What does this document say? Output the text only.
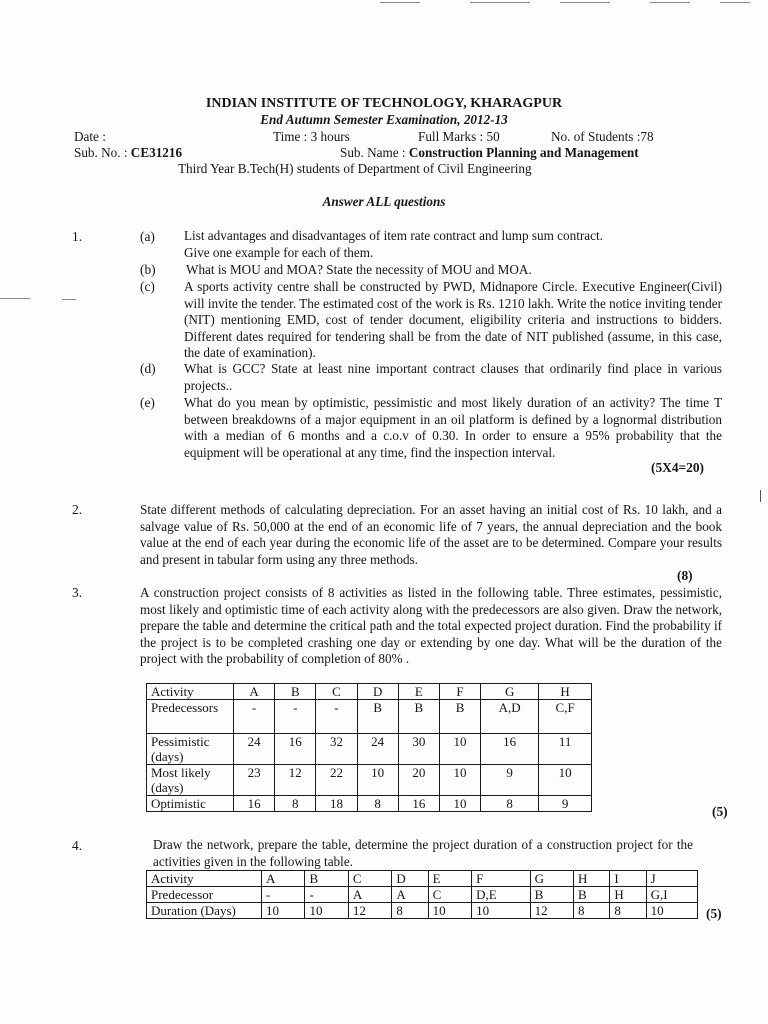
INDIAN INSTITUTE OF TECHNOLOGY, KHARAGPUR
End Autumn Semester Examination, 2012-13
Date :	Time : 3 hours	Full Marks : 50	No. of Students :78
Sub. No. : CE31216	Sub. Name : Construction Planning and Management
Third Year B.Tech(H) students of Department of Civil Engineering
Answer ALL questions
1.	(a) List advantages and disadvantages of item rate contract and lump sum contract.
Give one example for each of them.
(b) What is MOU and MOA? State the necessity of MOU and MOA.
(c) A sports activity centre shall be constructed by PWD, Midnapore Circle. Executive Engineer(Civil) will invite the tender. The estimated cost of the work is Rs. 1210 lakh. Write the notice inviting tender (NIT) mentioning EMD, cost of tender document, eligibility criteria and instructions to bidders. Different dates required for tendering shall be from the date of NIT published (assume, in this case, the date of examination).
(d) What is GCC? State at least nine important contract clauses that ordinarily find place in various projects..
(e) What do you mean by optimistic, pessimistic and most likely duration of an activity? The time T between breakdowns of a major equipment in an oil platform is defined by a lognormal distribution with a median of 6 months and a c.o.v of 0.30. In order to ensure a 95% probability that the equipment will be operational at any time, find the inspection interval.
(5X4=20)
2.	State different methods of calculating depreciation. For an asset having an initial cost of Rs. 10 lakh, and a salvage value of Rs. 50,000 at the end of an economic life of 7 years, the annual depreciation and the book value at the end of each year during the economic life of the asset are to be determined. Compare your results and present in tabular form using any three methods.
(8)
3.	A construction project consists of 8 activities as listed in the following table. Three estimates, pessimistic, most likely and optimistic time of each activity along with the predecessors are also given. Draw the network, prepare the table and determine the critical path and the total expected project duration. Find the probability if the project is to be completed crashing one day or extending by one day. What will be the duration of the project with the probability of completion of 80% .
Activity	A	B	C	D	E	F	G	H
Predecessors	-	-	-	B	B	B	A,D	C,F
Pessimistic
(days)	24	16	32	24	30	10	16	11
Most likely
(days)	23	12	22	10	20	10	9	10
Optimistic	16	8	18	8	16	10	8	9
(5)
4.	Draw the network, prepare the table, determine the project duration of a construction project for the activities given in the following table.
Activity	A	B	C	D	E	F	G	H	I	J
Predecessor	-	-	A	A	C	D,E	B	B	H	G,I
Duration (Days)	10	10	12	8	10	10	12	8	8	10	(5)
